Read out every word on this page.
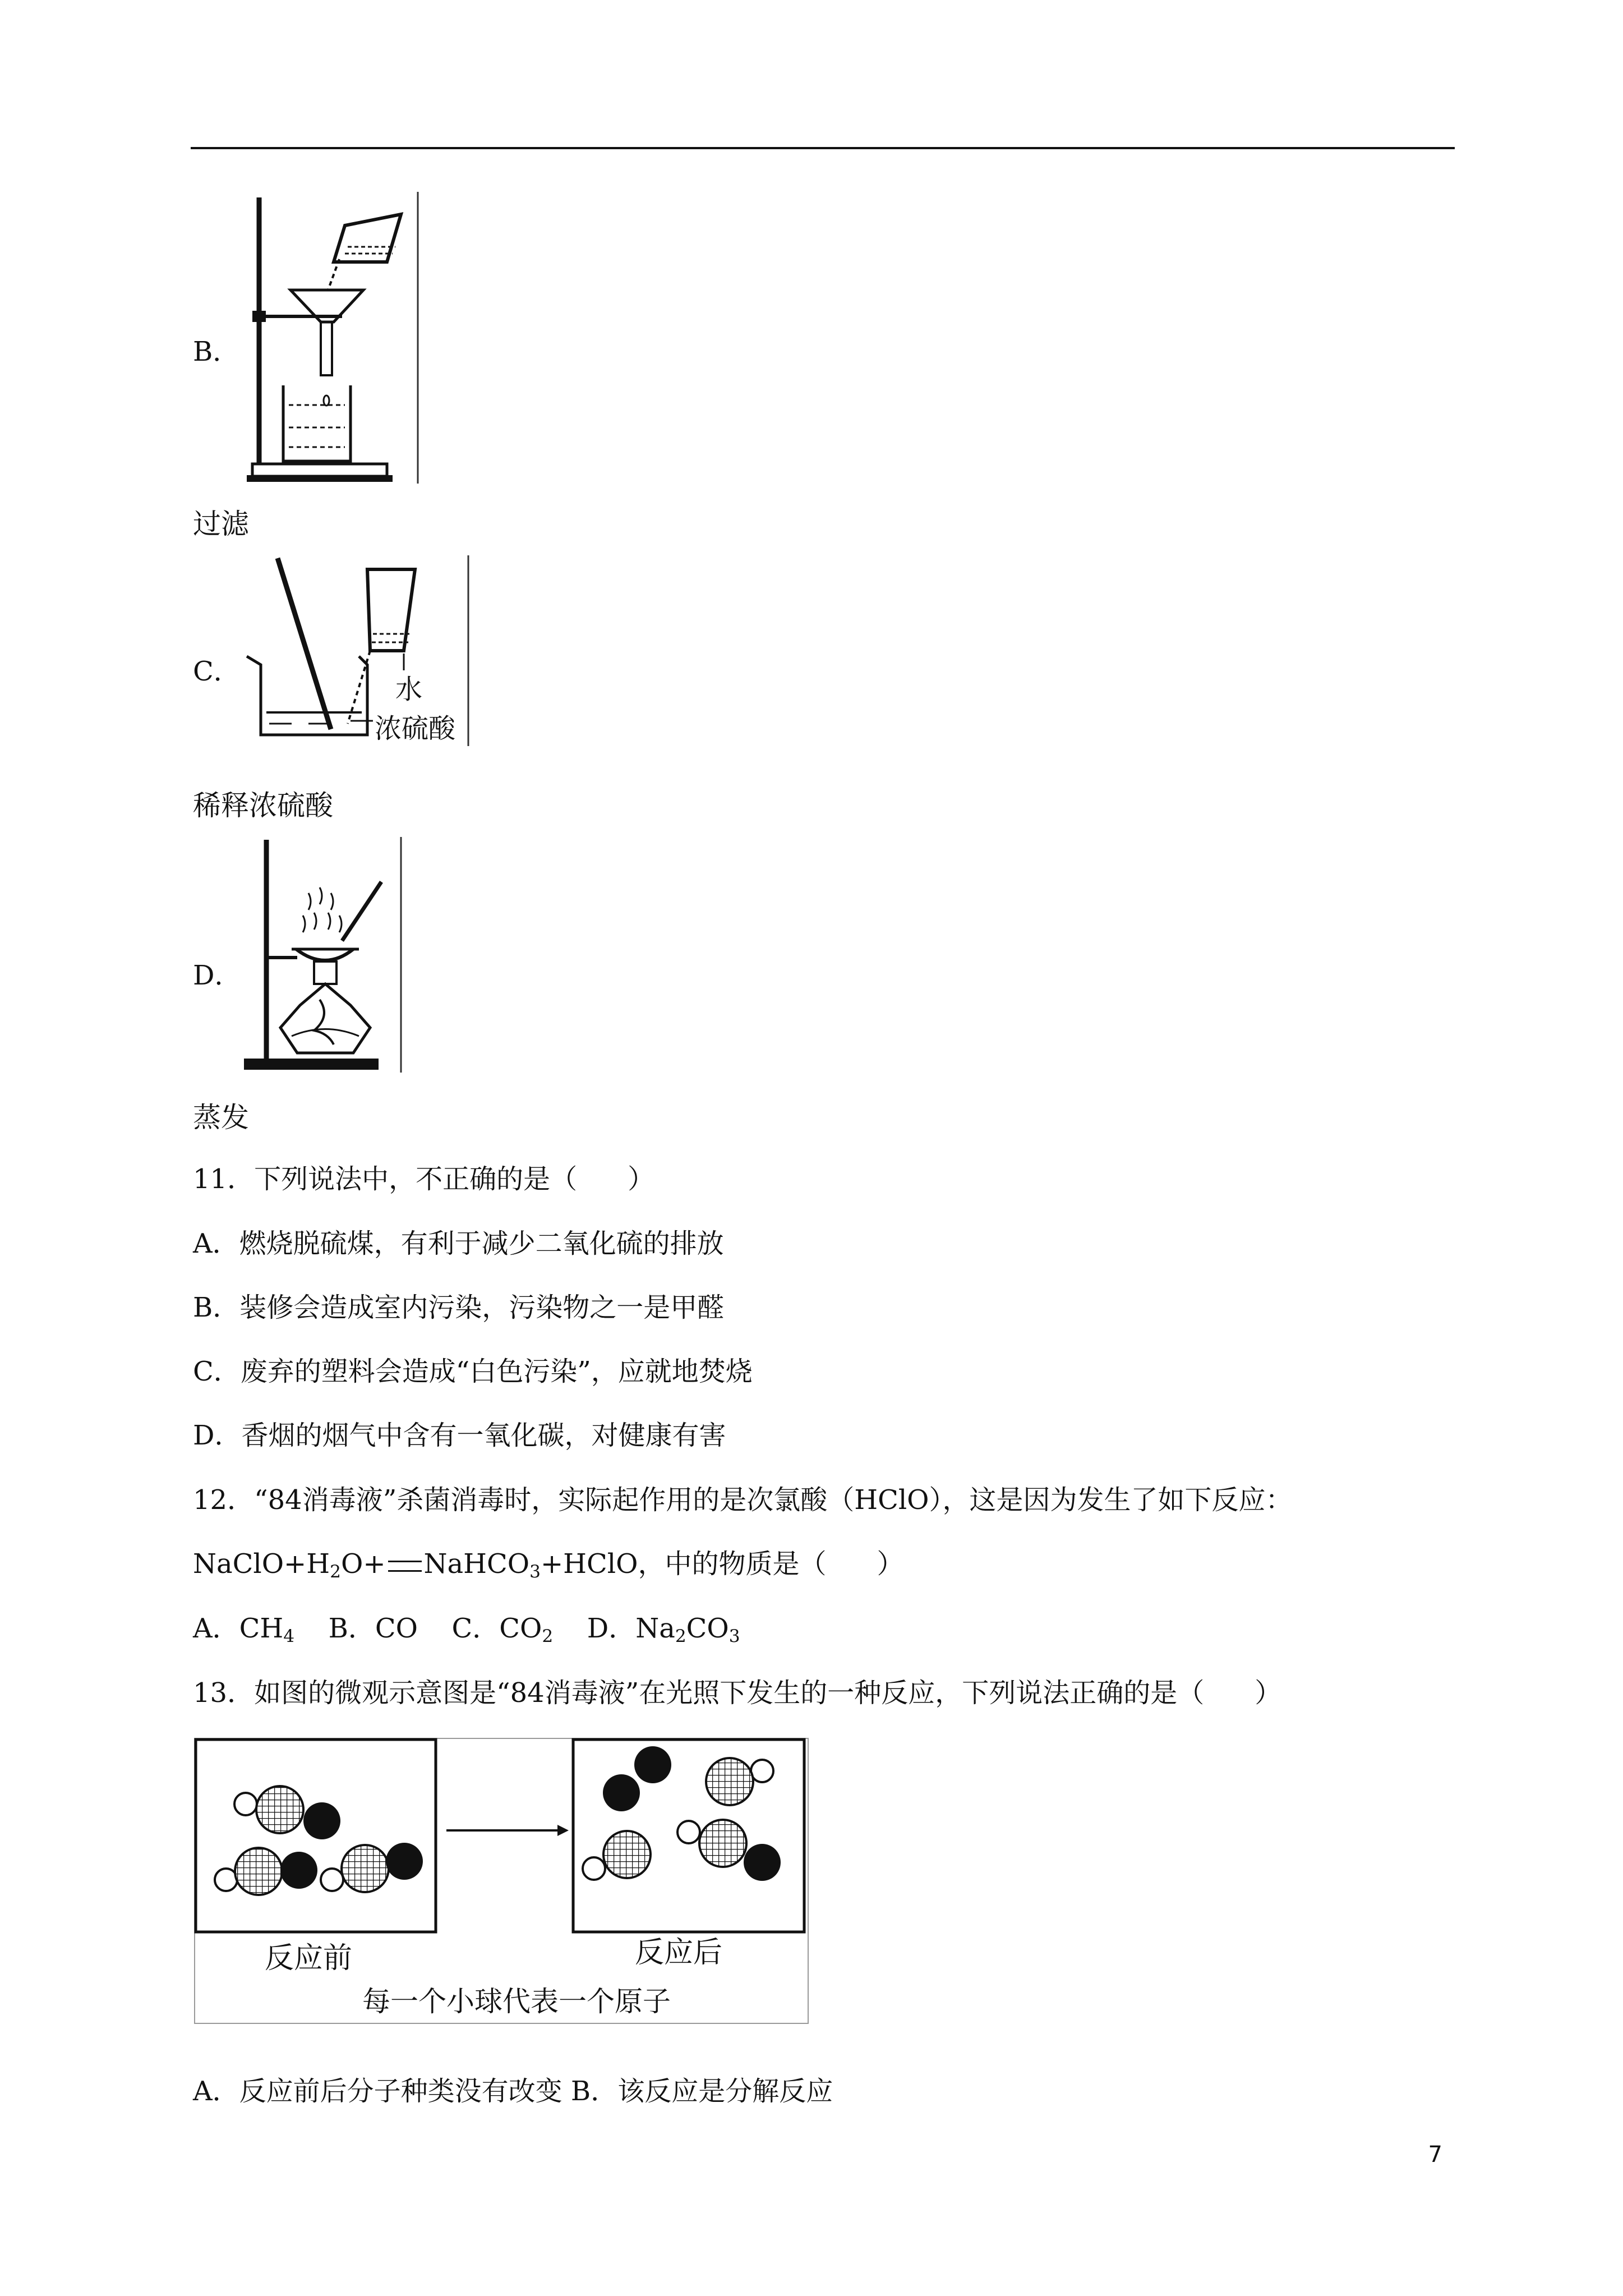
B．
过滤
C．
水
浓硫酸
稀释浓硫酸
D．
蒸发
11．下列说法中，不正确的是（ ）
A．燃烧脱硫煤，有利于减少二氧化硫的排放
B．装修会造成室内污染，污染物之一是甲醛
C．废弃的塑料会造成“白色污染”，应就地焚烧
D．香烟的烟气中含有一氧化碳，对健康有害
12．“84消毒液”杀菌消毒时，实际起作用的是次氯酸（HClO），这是因为发生了如下反应：
$NaClO+H_2O+$ NaHCO$_3$+HClO，中的物质是（ ）
A．$CH_4$ B．CO C．$CO_2$ D．$Na_2CO_3$
13．如图的微观示意图是“84消毒液”在光照下发生的一种反应，下列说法正确的是（ ）
反应前	反应后
每一个小球代表一个原子
A．反应前后分子种类没有改变 B．该反应是分解反应
7
